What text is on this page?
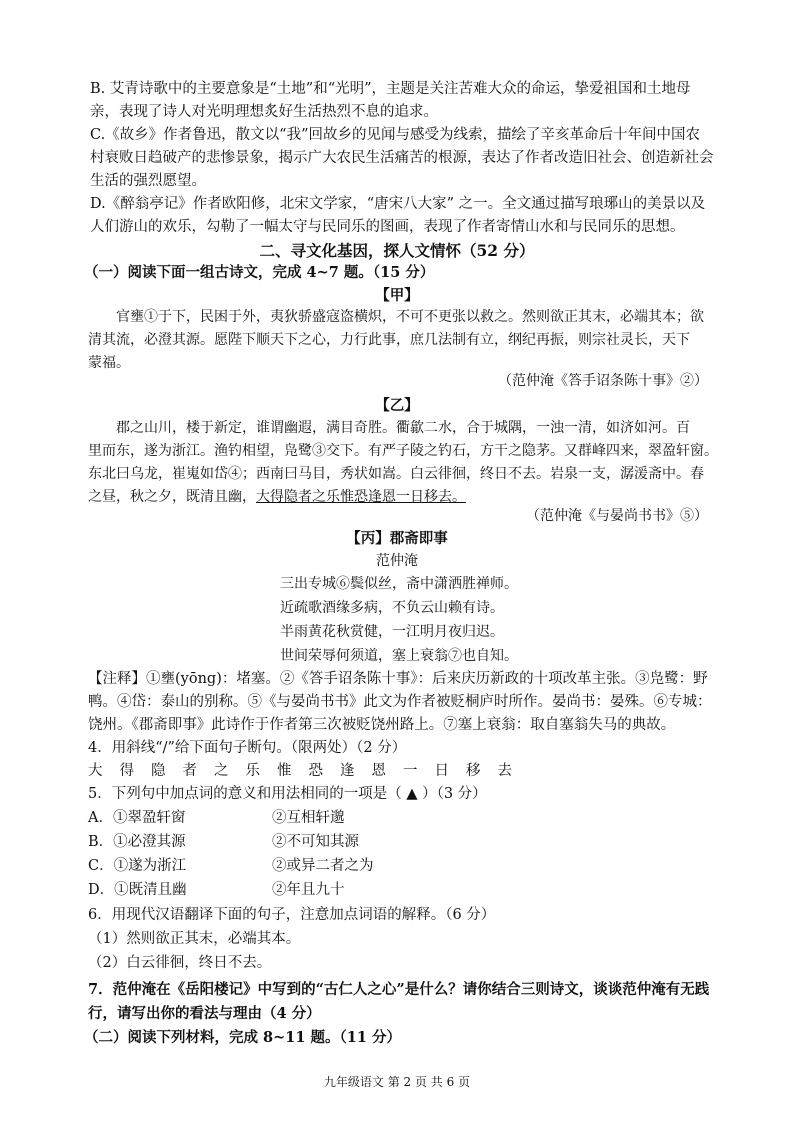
B. 艾青诗歌中的主要意象是“土地”和“光明”，主题是关注苦难大众的命运，挚爱祖国和土地母
亲，表现了诗人对光明理想炙好生活热烈不息的追求。
C.《故乡》作者鲁迅，散文以“我”回故乡的见闻与感受为线索，描绘了辛亥革命后十年间中国农
村衰败日趋破产的悲惨景象，揭示广大农民生活痛苦的根源，表达了作者改造旧社会、创造新社会
生活的强烈愿望。
D.《醉翁亭记》作者欧阳修，北宋文学家，“唐宋八大家” 之一。全文通过描写琅琊山的美景以及
人们游山的欢乐，勾勒了一幅太守与民同乐的图画，表现了作者寄情山水和与民同乐的思想。
二、寻文化基因，探人文情怀（52 分）
（一）阅读下面一组古诗文，完成 4~7 题。（15 分）
【甲】
官壅①于下，民困于外，夷狄骄盛寇盗横炽，不可不更张以救之。然则欲正其末，必端其本；欲
清其流，必澄其源。愿陛下顺天下之心，力行此事，庶几法制有立，纲纪再振，则宗社灵长，天下
蒙福。
（范仲淹《答手诏条陈十事》②）
【乙】
郡之山川，楼于新定，谁谓幽遐，满目奇胜。衢歙二水，合于城隅，一浊一清，如济如河。百
里而东，遂为浙江。渔钓相望，凫鹭③交下。有严子陵之钓石，方干之隐茅。又群峰四来，翠盈轩窗。
东北曰乌龙，崔嵬如岱④；西南曰马目，秀状如嵩。白云徘徊，终日不去。岩泉一支，潺湲斋中。春
之昼，秋之夕，既清且幽，大得隐者之乐惟恐逢恩一日移去。
（范仲淹《与晏尚书书》⑤）
【丙】郡斋即事
范仲淹
三出专城⑥鬓似丝，斋中潇洒胜禅师。
近疏歌酒缘多病，不负云山赖有诗。
半雨黄花秋赏健，一江明月夜归迟。
世间荣辱何须道，塞上衰翁⑦也自知。
【注释】①壅(yōng)：堵塞。②《答手诏条陈十事》：后来庆历新政的十项改革主张。③凫鹭：野
鸭。④岱：泰山的别称。⑤《与晏尚书书》此文为作者被贬桐庐时所作。晏尚书：晏殊。⑥专城：
饶州。《郡斋即事》此诗作于作者第三次被贬饶州路上。⑦塞上衰翁：取自塞翁失马的典故。
4．用斜线“/”给下面句子断句。（限两处）（2 分）
大得隐者之乐惟恐逢恩一日移去
5．下列句中加点词的意义和用法相同的一项是（ ▲ ）（3 分）
A．①翠盈轩窗	②互相轩邈
B．①必澄其源	②不可知其源
C．①遂为浙江	②或异二者之为
D．①既清且幽	②年且九十
6．用现代汉语翻译下面的句子，注意加点词语的解释。（6 分）
（1）然则欲正其末，必端其本。
（2）白云徘徊，终日不去。
7．范仲淹在《岳阳楼记》中写到的“古仁人之心”是什么？请你结合三则诗文，谈谈范仲淹有无践
行，请写出你的看法与理由（4 分）
（二）阅读下列材料，完成 8~11 题。（11 分）
九年级语文 第 2 页 共 6 页
